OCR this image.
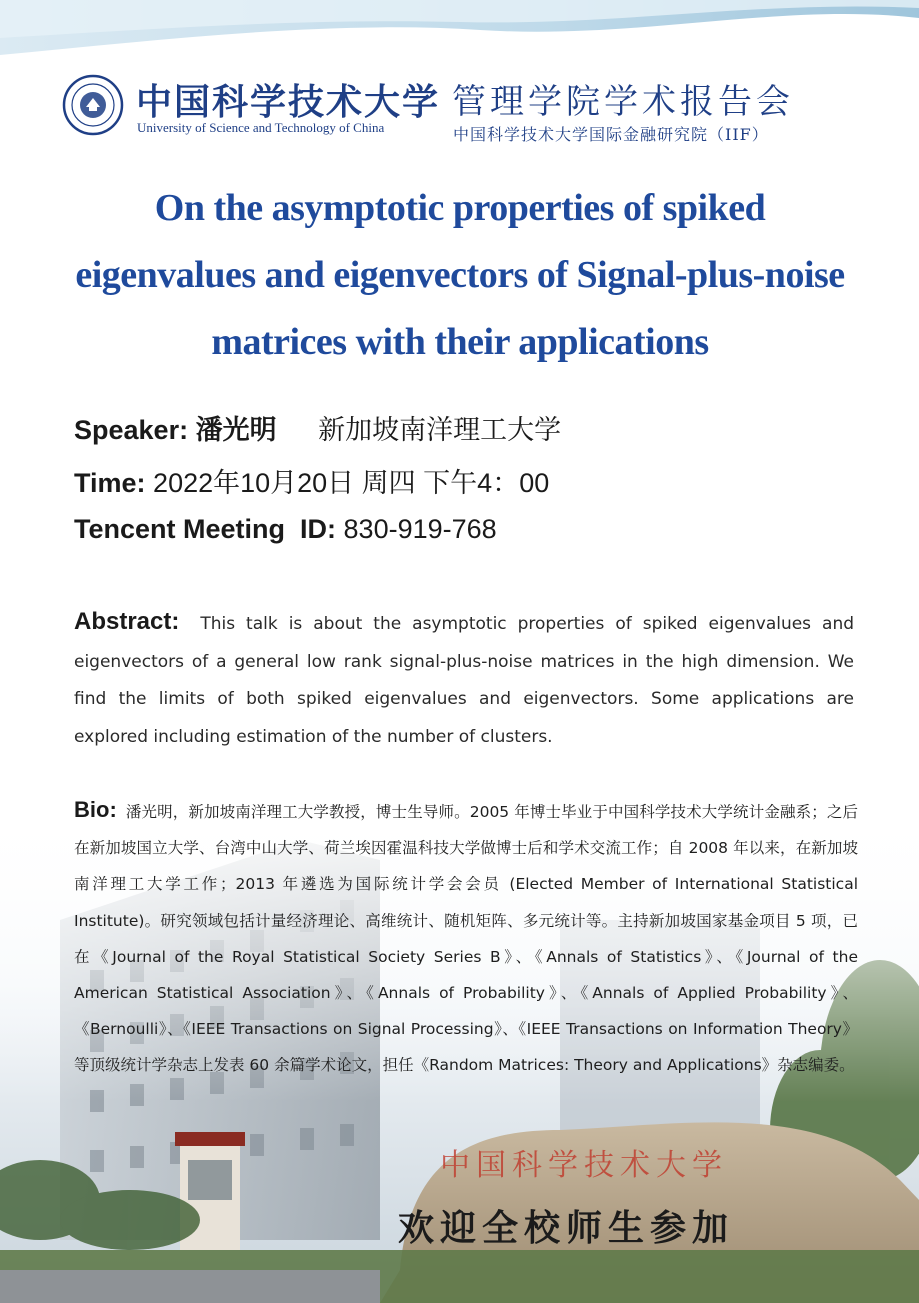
中国科学技术大学
University of Science and Technology of China
管理学院学术报告会
中国科学技术大学国际金融研究院（IIF）
On the asymptotic properties of spiked
eigenvalues and eigenvectors of Signal-plus-noise
matrices with their applications
Speaker: 潘光明 新加坡南洋理工大学
Time: 2022年10月20日 周四 下午4：00
Tencent Meeting  ID: 830-919-768
Abstract: This talk is about the asymptotic properties of spiked eigenvalues and eigenvectors of a general low rank signal-plus-noise matrices in the high dimension. We find the limits of both spiked eigenvalues and eigenvectors. Some applications are explored including estimation of the number of clusters.
Bio: 潘光明，新加坡南洋理工大学教授，博士生导师。2005 年博士毕业于中国科学技术大学统计金融系；之后在新加坡国立大学、台湾中山大学、荷兰埃因霍温科技大学做博士后和学术交流工作；自 2008 年以来，在新加坡南洋理工大学工作；2013 年遴选为国际统计学会会员 (Elected Member of International Statistical Institute)。研究领域包括计量经济理论、高维统计、随机矩阵、多元统计等。主持新加坡国家基金项目 5 项，已在《Journal of the Royal Statistical Society Series B》、《Annals of Statistics》、《Journal of the American Statistical Association》、《Annals of Probability》、《Annals of Applied Probability》、《Bernoulli》、《IEEE Transactions on Signal Processing》、《IEEE Transactions on Information Theory》 等顶级统计学杂志上发表 60 余篇学术论文，担任《Random Matrices: Theory and Applications》杂志编委。
中国科学技术大学
欢迎全校师生参加
